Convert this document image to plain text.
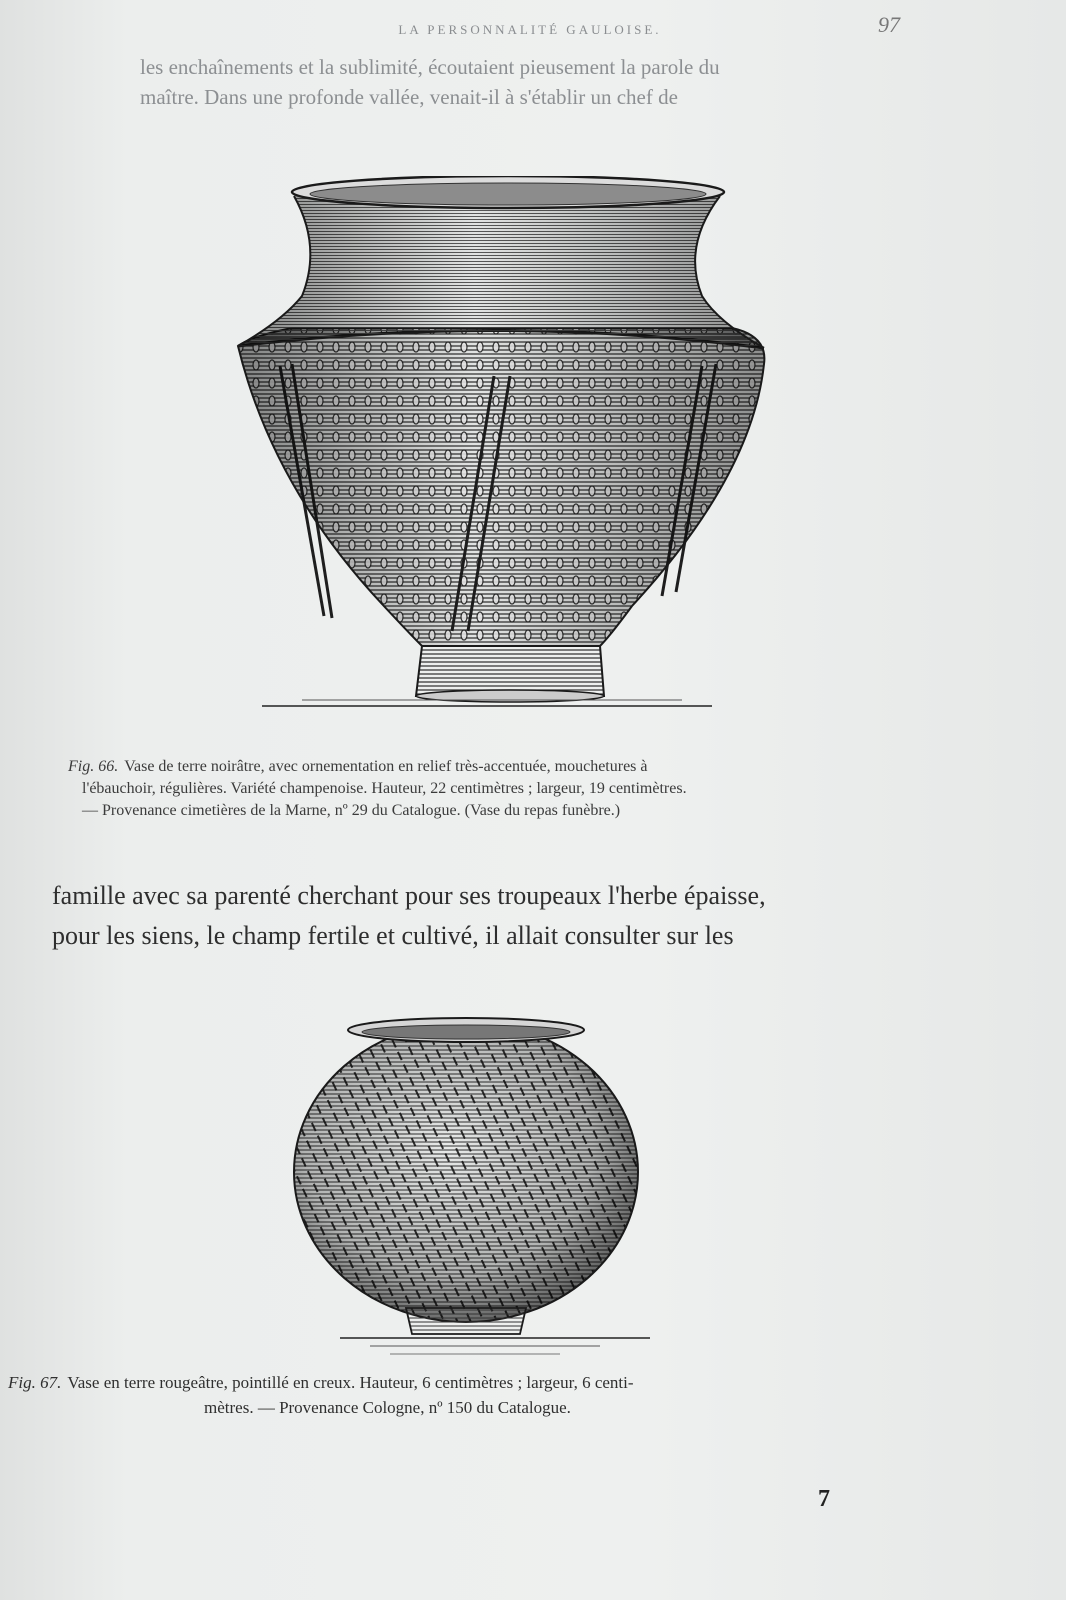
LA PERSONNALITÉ GAULOISE.	97

les enchaînements et la sublimité, écoutaient pieusement la parole du

maître. Dans une profonde vallée, venait-il à s'établir un chef de

Fig. 66. Vase de terre noirâtre, avec ornementation en relief très-accentuée, mouchetures à
l'ébauchoir, régulières. Variété champenoise. Hauteur, 22 centimètres ; largeur, 19 centimètres.
— Provenance cimetières de la Marne, nº 29 du Catalogue. (Vase du repas funèbre.)

famille avec sa parenté cherchant pour ses troupeaux l'herbe épaisse,

pour les siens, le champ fertile et cultivé, il allait consulter sur les

Fig. 67. Vase en terre rougeâtre, pointillé en creux. Hauteur, 6 centimètres ; largeur, 6 centi-
mètres. — Provenance Cologne, nº 150 du Catalogue.
7
